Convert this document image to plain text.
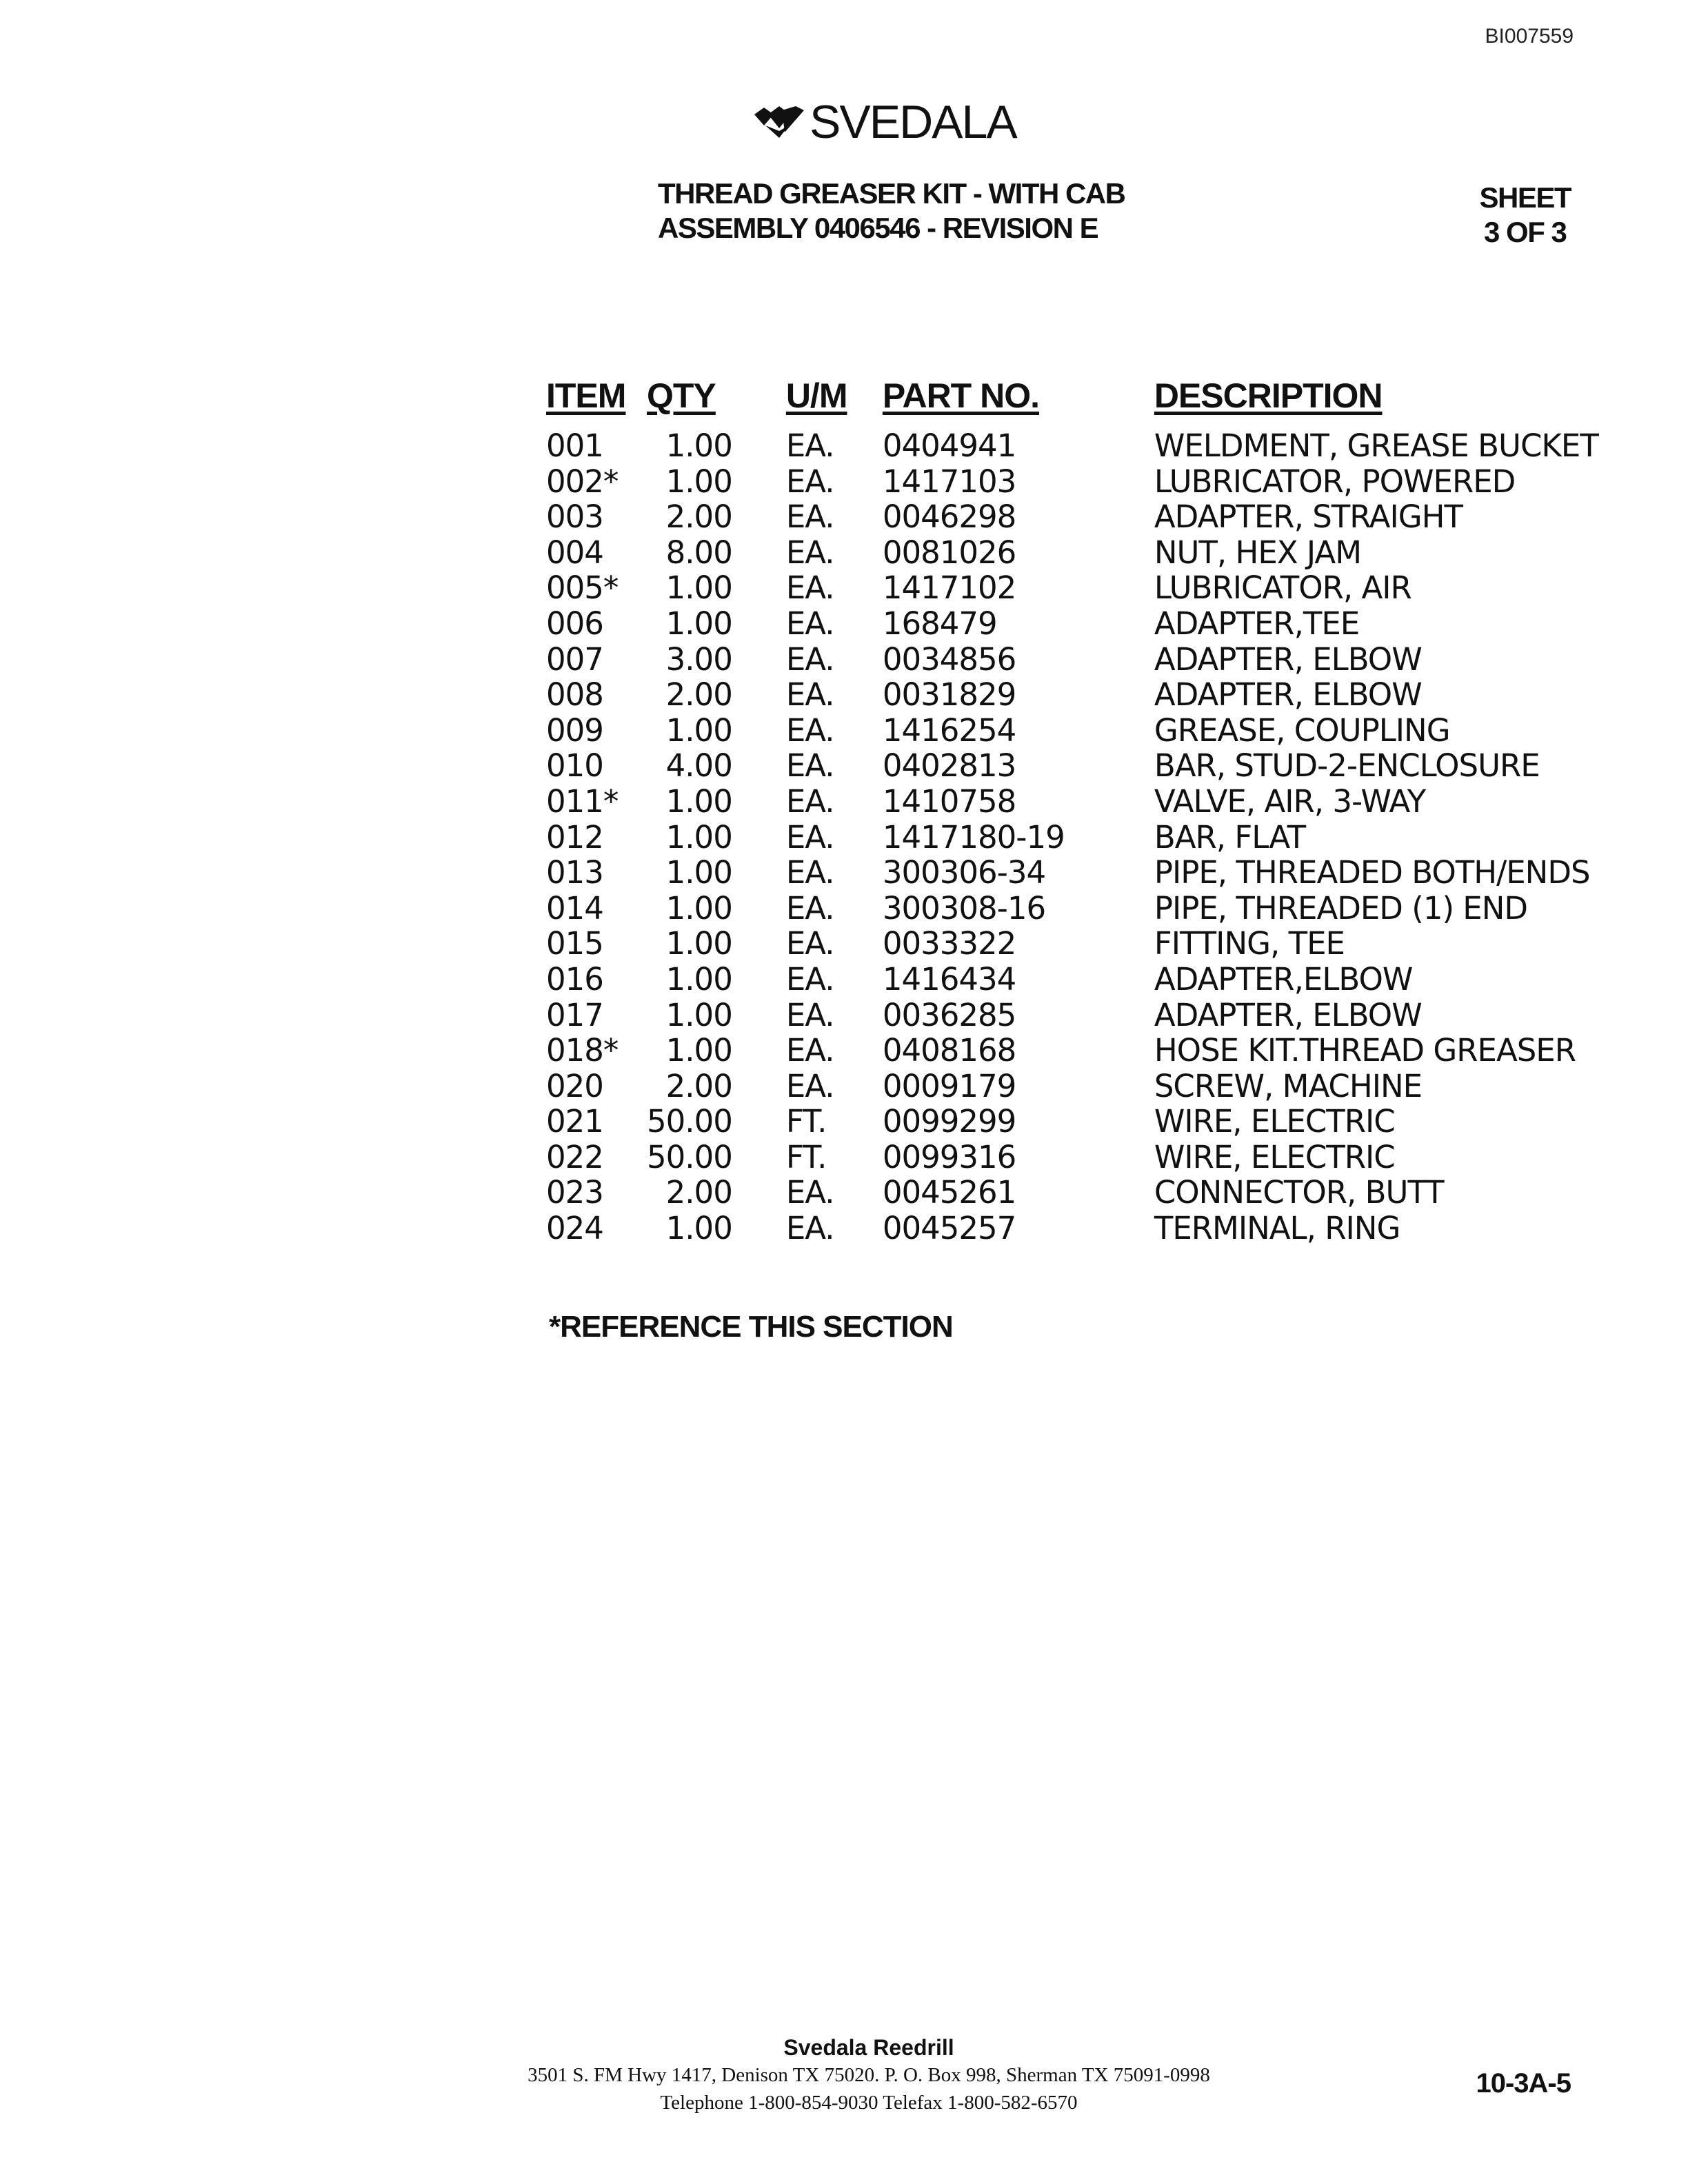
BI007559
SVEDALA
THREAD GREASER KIT - WITH CAB
ASSEMBLY 0406546 - REVISION E
SHEET
3 OF 3
ITEM	QTY	U/M	PART NO.	DESCRIPTION
001	1.00	EA.	0404941	WELDMENT, GREASE BUCKET
002*	1.00	EA.	1417103	LUBRICATOR, POWERED
003	2.00	EA.	0046298	ADAPTER, STRAIGHT
004	8.00	EA.	0081026	NUT, HEX JAM
005*	1.00	EA.	1417102	LUBRICATOR, AIR
006	1.00	EA.	168479	ADAPTER,TEE
007	3.00	EA.	0034856	ADAPTER, ELBOW
008	2.00	EA.	0031829	ADAPTER, ELBOW
009	1.00	EA.	1416254	GREASE, COUPLING
010	4.00	EA.	0402813	BAR, STUD-2-ENCLOSURE
011*	1.00	EA.	1410758	VALVE, AIR, 3-WAY
012	1.00	EA.	1417180-19	BAR, FLAT
013	1.00	EA.	300306-34	PIPE, THREADED BOTH/ENDS
014	1.00	EA.	300308-16	PIPE, THREADED (1) END
015	1.00	EA.	0033322	FITTING, TEE
016	1.00	EA.	1416434	ADAPTER,ELBOW
017	1.00	EA.	0036285	ADAPTER, ELBOW
018*	1.00	EA.	0408168	HOSE KIT.THREAD GREASER
020	2.00	EA.	0009179	SCREW, MACHINE
021	50.00	FT.	0099299	WIRE, ELECTRIC
022	50.00	FT.	0099316	WIRE, ELECTRIC
023	2.00	EA.	0045261	CONNECTOR, BUTT
024	1.00	EA.	0045257	TERMINAL, RING
*REFERENCE THIS SECTION
Svedala Reedrill
3501 S. FM Hwy 1417, Denison TX 75020. P. O. Box 998, Sherman TX 75091-0998
Telephone 1-800-854-9030 Telefax 1-800-582-6570
10-3A-5
